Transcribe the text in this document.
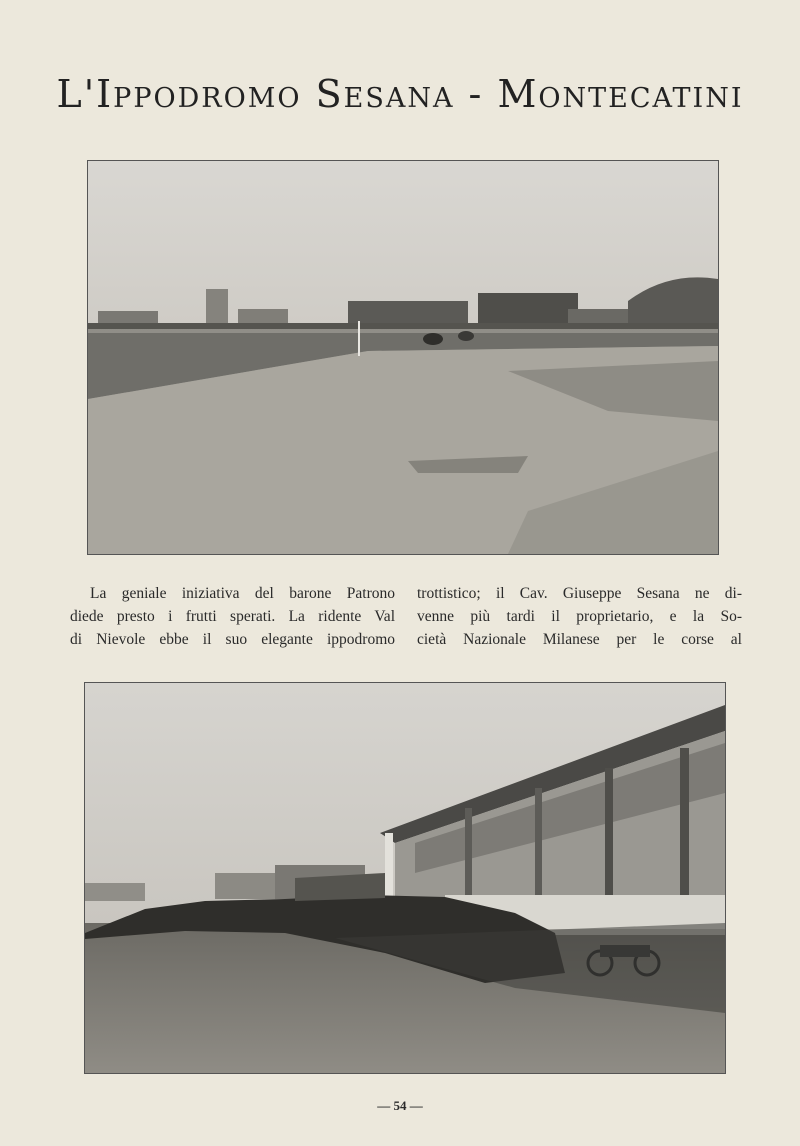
L'Ippodromo Sesana - Montecatini
La geniale iniziativa del barone Patrono
diede presto i frutti sperati. La ridente Val
di Nievole ebbe il suo elegante ippodromo
trottistico; il Cav. Giuseppe Sesana ne di-
venne più tardi il proprietario, e la So-
cietà Nazionale Milanese per le corse al
— 54 —
